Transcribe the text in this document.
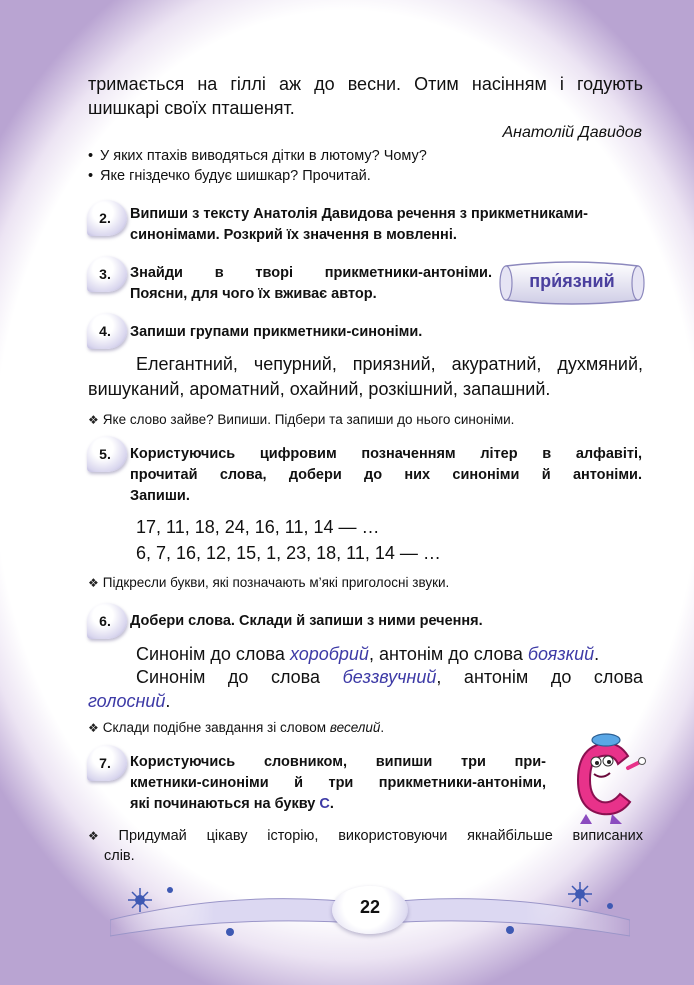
тримається на гіллі аж до весни. Отим насінням і годують
шишкарі своїх пташенят.
Анатолій Давидов
• У яких птахів виводяться дітки в лютому? Чому?
• Яке гніздечко будує шишкар? Прочитай.
2.	Випиши з тексту Анатолія Давидова речення з прикметниками-
синонімами. Розкрий їх значення в мовленні.
3.	Знайди в творі прикметники-антоніми.
Поясни, для чого їх вживає автор.
при́язний
4.	Запиши групами прикметники-синоніми.
Елегантний, чепурний, приязний, акуратний, духмяний,
вишуканий, ароматний, охайний, розкішний, запашний.
❖ Яке слово зайве? Випиши. Підбери та запиши до нього синоніми.
5.	Користуючись цифровим позначенням літер в алфавіті,
прочитай слова, добери до них синоніми й антоніми.
Запиши.
17, 11, 18, 24, 16, 11, 14 — …
6, 7, 16, 12, 15, 1, 23, 18, 11, 14 — …
❖ Підкресли букви, які позначають м’які приголосні звуки.
6.	Добери слова. Склади й запиши з ними речення.
Синонім до слова хоробрий, антонім до слова боязкий.
Синонім до слова беззвучний, антонім до слова
голосний.
❖ Склади подібне завдання зі словом веселий.
7.	Користуючись словником, випиши три при-
кметники-синоніми й три прикметники-антоніми,
які починаються на букву С.
❖ Придумай цікаву історію, використовуючи якнайбільше виписаних
слів.
22
